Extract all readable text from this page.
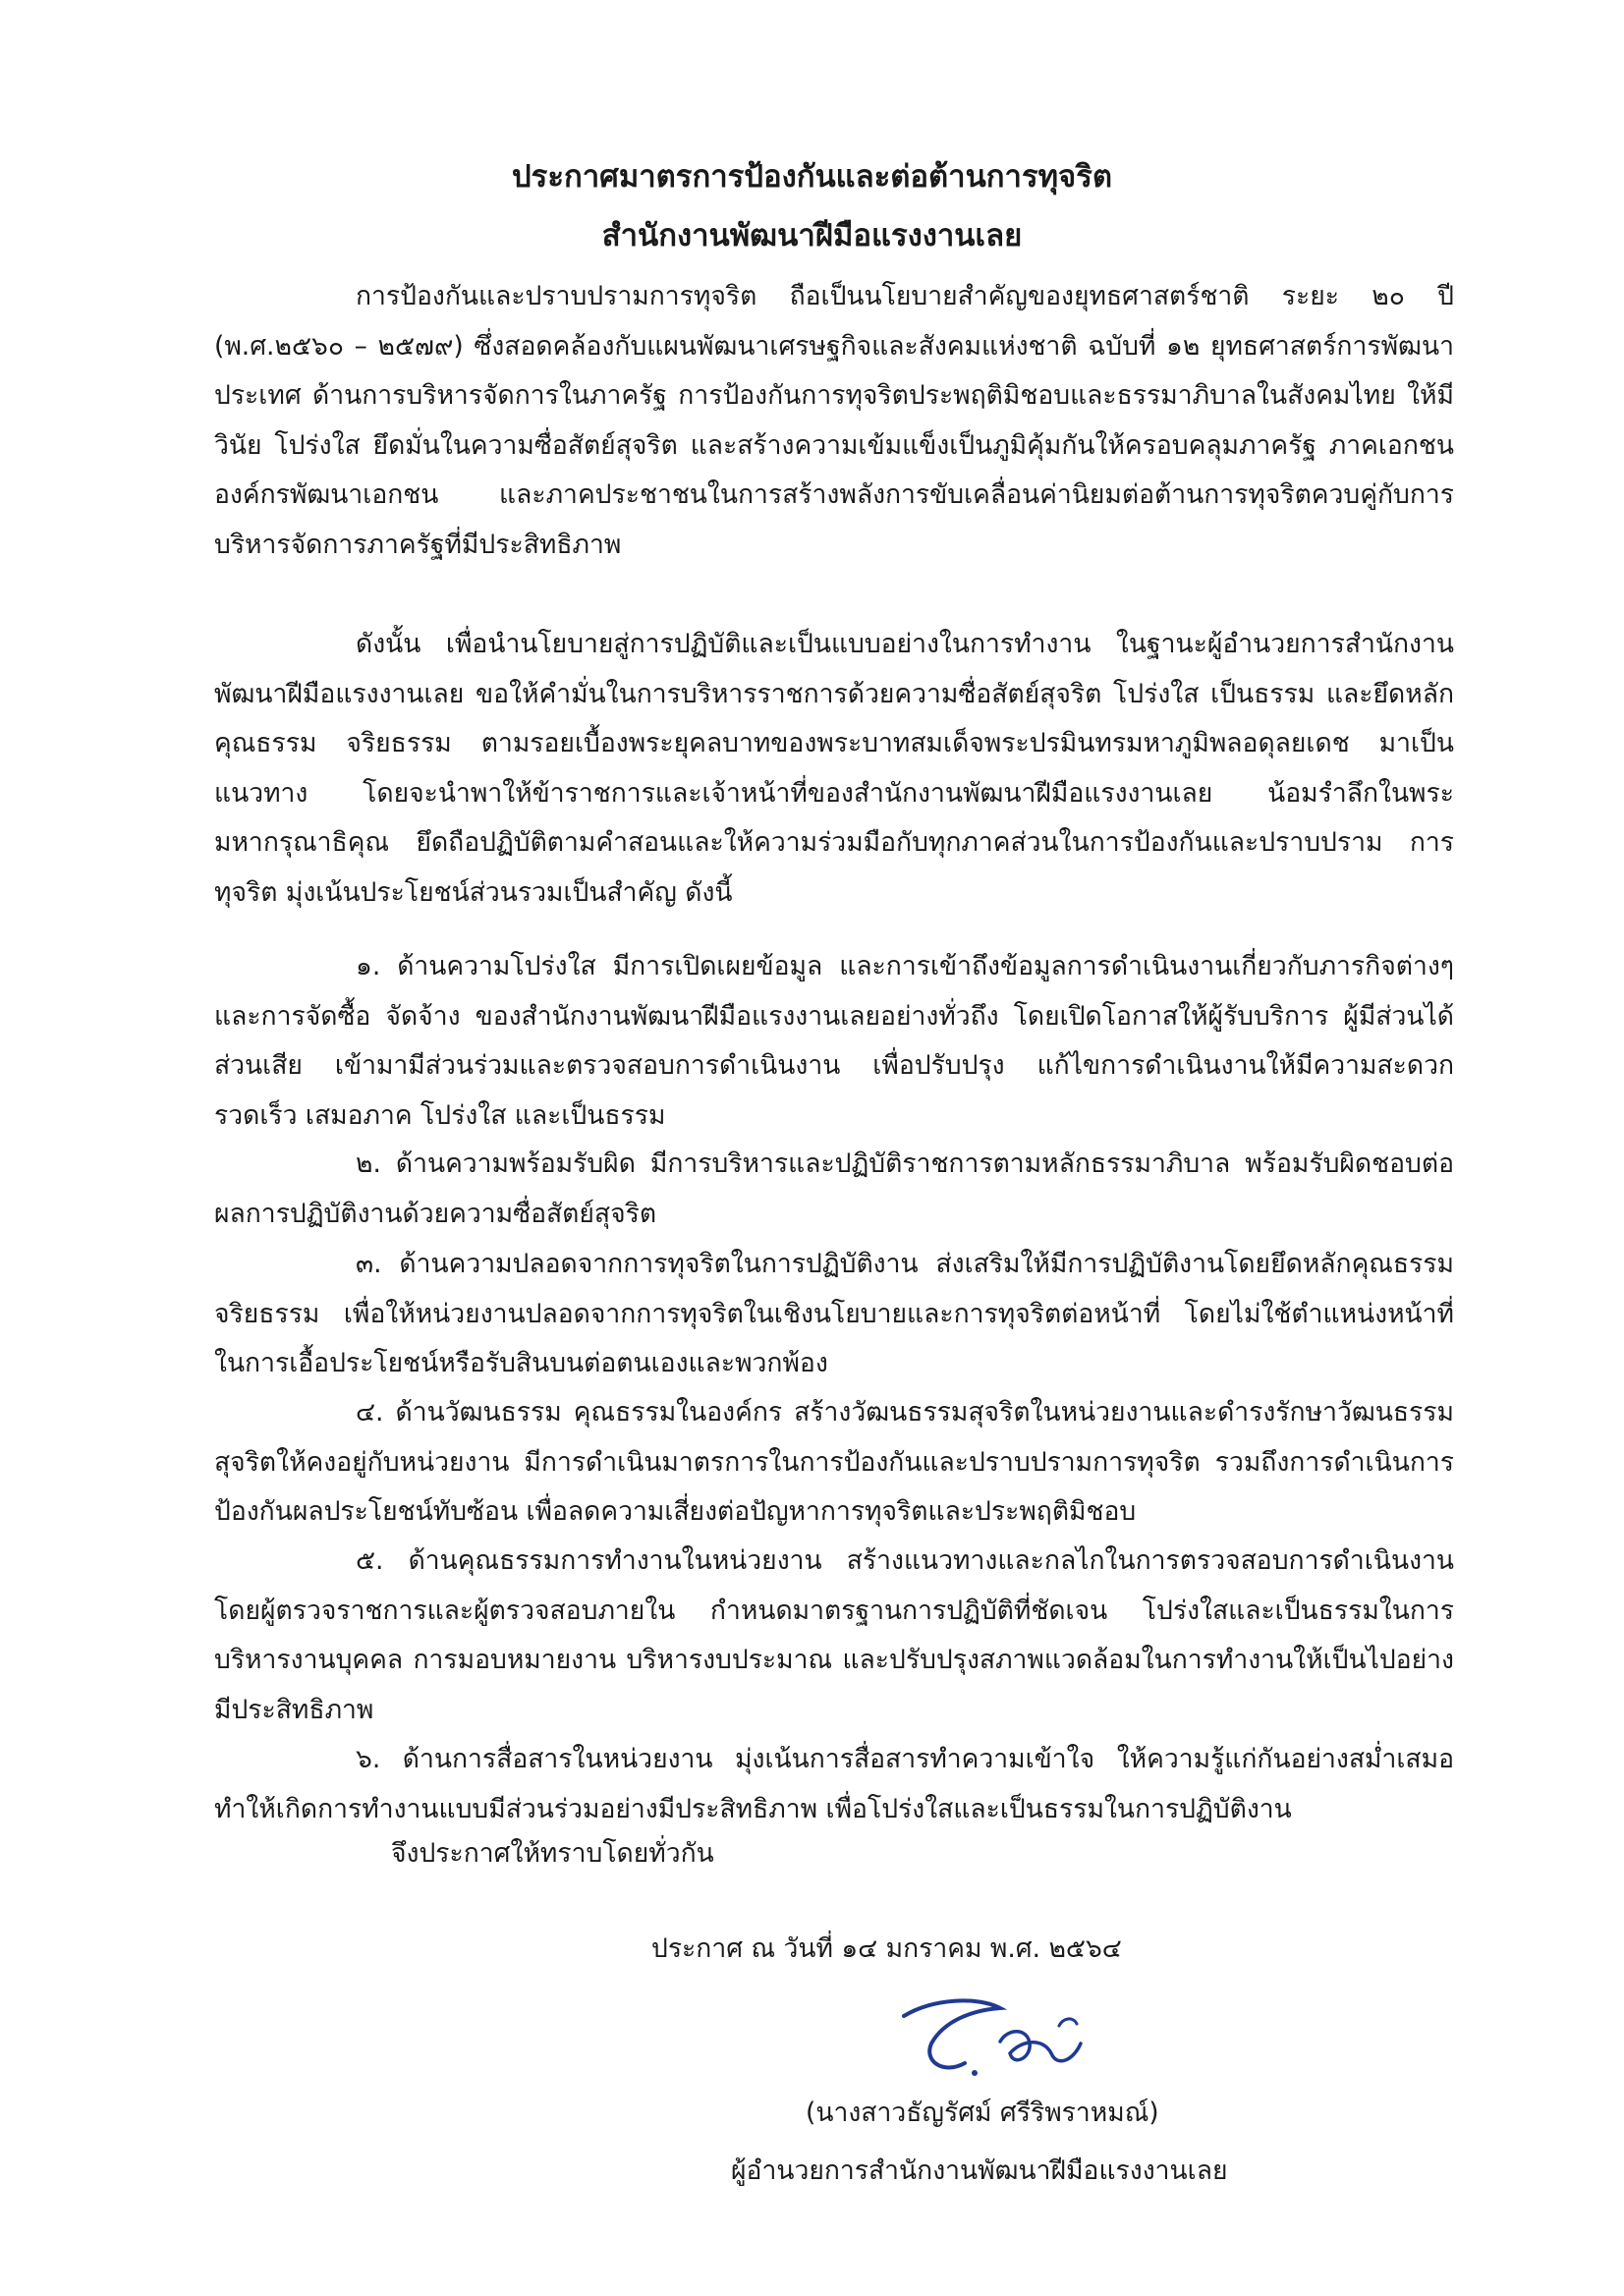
ประกาศมาตรการป้องกันและต่อต้านการทุจริต
สำนักงานพัฒนาฝีมือแรงงานเลย

การป้องกันและปราบปรามการทุจริต ถือเป็นนโยบายสำคัญของยุทธศาสตร์ชาติ ระยะ ๒๐ ปี (พ.ศ.๒๕๖๐ – ๒๕๗๙) ซึ่งสอดคล้องกับแผนพัฒนาเศรษฐกิจและสังคมแห่งชาติ ฉบับที่ ๑๒ ยุทธศาสตร์การพัฒนาประเทศ ด้านการบริหารจัดการในภาครัฐ การป้องกันการทุจริตประพฤติมิชอบและธรรมาภิบาลในสังคมไทย ให้มีวินัย โปร่งใส ยึดมั่นในความซื่อสัตย์สุจริต และสร้างความเข้มแข็งเป็นภูมิคุ้มกันให้ครอบคลุมภาครัฐ ภาคเอกชน องค์กรพัฒนาเอกชน และภาคประชาชนในการสร้างพลังการขับเคลื่อนค่านิยมต่อต้านการทุจริตควบคู่กับการบริหารจัดการภาครัฐที่มีประสิทธิภาพ

ดังนั้น เพื่อนำนโยบายสู่การปฏิบัติและเป็นแบบอย่างในการทำงาน ในฐานะผู้อำนวยการสำนักงานพัฒนาฝีมือแรงงานเลย ขอให้คำมั่นในการบริหารราชการด้วยความซื่อสัตย์สุจริต โปร่งใส เป็นธรรม และยึดหลักคุณธรรม จริยธรรม ตามรอยเบื้องพระยุคลบาทของพระบาทสมเด็จพระปรมินทรมหาภูมิพลอดุลยเดช มาเป็นแนวทาง โดยจะนำพาให้ข้าราชการและเจ้าหน้าที่ของสำนักงานพัฒนาฝีมือแรงงานเลย น้อมรำลึกในพระมหากรุณาธิคุณ ยึดถือปฏิบัติตามคำสอนและให้ความร่วมมือกับทุกภาคส่วนในการป้องกันและปราบปราม การทุจริต มุ่งเน้นประโยชน์ส่วนรวมเป็นสำคัญ ดังนี้

๑. ด้านความโปร่งใส มีการเปิดเผยข้อมูล และการเข้าถึงข้อมูลการดำเนินงานเกี่ยวกับภารกิจต่างๆ และการจัดซื้อ จัดจ้าง ของสำนักงานพัฒนาฝีมือแรงงานเลยอย่างทั่วถึง โดยเปิดโอกาสให้ผู้รับบริการ ผู้มีส่วนได้ส่วนเสีย เข้ามามีส่วนร่วมและตรวจสอบการดำเนินงาน เพื่อปรับปรุง แก้ไขการดำเนินงานให้มีความสะดวก รวดเร็ว เสมอภาค โปร่งใส และเป็นธรรม

๒. ด้านความพร้อมรับผิด มีการบริหารและปฏิบัติราชการตามหลักธรรมาภิบาล พร้อมรับผิดชอบต่อผลการปฏิบัติงานด้วยความซื่อสัตย์สุจริต

๓. ด้านความปลอดจากการทุจริตในการปฏิบัติงาน ส่งเสริมให้มีการปฏิบัติงานโดยยึดหลักคุณธรรม จริยธรรม เพื่อให้หน่วยงานปลอดจากการทุจริตในเชิงนโยบายและการทุจริตต่อหน้าที่ โดยไม่ใช้ตำแหน่งหน้าที่ ในการเอื้อประโยชน์หรือรับสินบนต่อตนเองและพวกพ้อง

๔. ด้านวัฒนธรรม คุณธรรมในองค์กร สร้างวัฒนธรรมสุจริตในหน่วยงานและดำรงรักษาวัฒนธรรมสุจริตให้คงอยู่กับหน่วยงาน มีการดำเนินมาตรการในการป้องกันและปราบปรามการทุจริต รวมถึงการดำเนินการป้องกันผลประโยชน์ทับซ้อน เพื่อลดความเสี่ยงต่อปัญหาการทุจริตและประพฤติมิชอบ

๕. ด้านคุณธรรมการทำงานในหน่วยงาน สร้างแนวทางและกลไกในการตรวจสอบการดำเนินงานโดยผู้ตรวจราชการและผู้ตรวจสอบภายใน กำหนดมาตรฐานการปฏิบัติที่ชัดเจน โปร่งใสและเป็นธรรมในการบริหารงานบุคคล การมอบหมายงาน บริหารงบประมาณ และปรับปรุงสภาพแวดล้อมในการทำงานให้เป็นไปอย่างมีประสิทธิภาพ

๖. ด้านการสื่อสารในหน่วยงาน มุ่งเน้นการสื่อสารทำความเข้าใจ ให้ความรู้แก่กันอย่างสม่ำเสมอ ทำให้เกิดการทำงานแบบมีส่วนร่วมอย่างมีประสิทธิภาพ เพื่อโปร่งใสและเป็นธรรมในการปฏิบัติงาน

จึงประกาศให้ทราบโดยทั่วกัน
ประกาศ ณ วันที่ ๑๔ มกราคม พ.ศ. ๒๕๖๔
(นางสาวธัญรัศม์ ศรีริพราหมณ์)
ผู้อำนวยการสำนักงานพัฒนาฝีมือแรงงานเลย
